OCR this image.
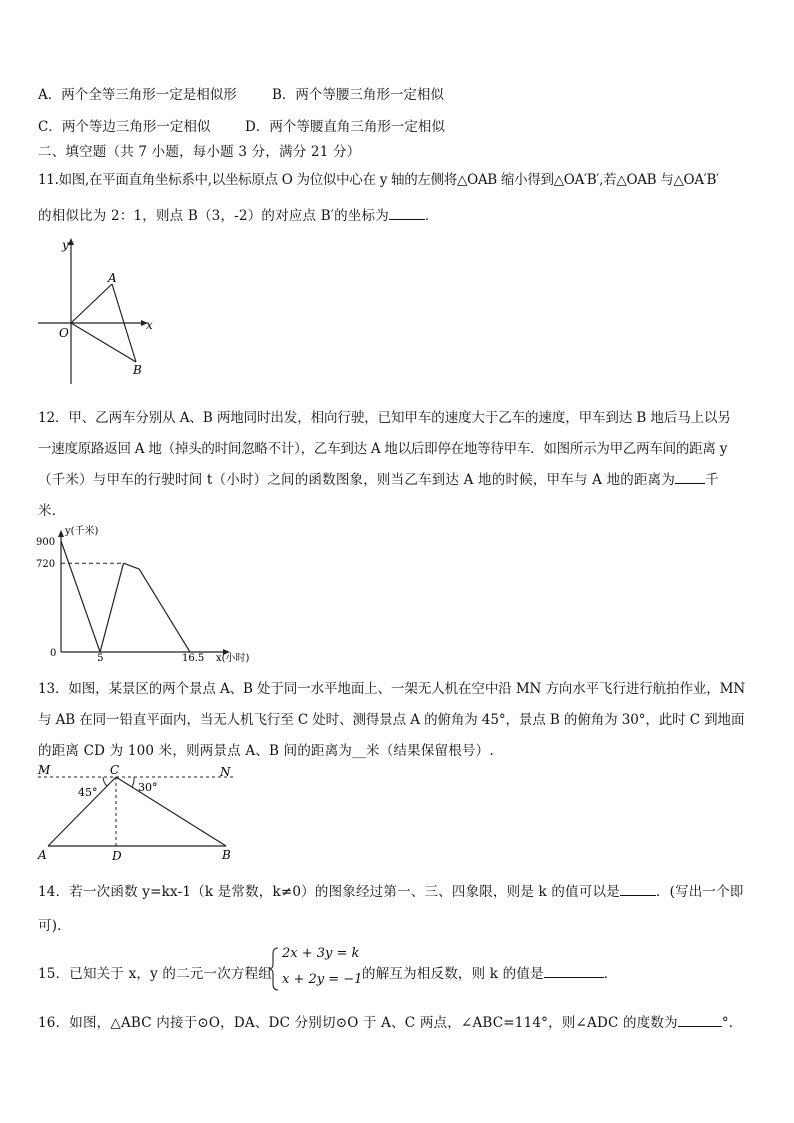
A．两个全等三角形一定是相似形	B．两个等腰三角形一定相似
C．两个等边三角形一定相似	D．两个等腰直角三角形一定相似
二、填空题（共 7 小题，每小题 3 分，满分 21 分）
11.如图,在平面直角坐标系中,以坐标原点 O 为位似中心在 y 轴的左侧将△OAB 缩小得到△OA′B′,若△OAB 与△OA′B′
的相似比为 2：1，则点 B（3，-2）的对应点 B′的坐标为	．
y
x
O
A
B
12．甲、乙两车分别从 A、B 两地同时出发，相向行驶，已知甲车的速度大于乙车的速度，甲车到达 B 地后马上以另
一速度原路返回 A 地（掉头的时间忽略不计），乙车到达 A 地以后即停在地等待甲车．如图所示为甲乙两车间的距离 y
（千米）与甲车的行驶时间 t（小时）之间的函数图象，则当乙车到达 A 地的时候，甲车与 A 地的距离为 千
米．
y(千米)
x(小时)
0
900
720
5	16.5
13．如图，某景区的两个景点 A、B 处于同一水平地面上、一架无人机在空中沿 MN 方向水平飞行进行航拍作业，MN
与 AB 在同一铅直平面内，当无人机飞行至 C 处时、测得景点 A 的俯角为 45°，景点 B 的俯角为 30°，此时 C 到地面
的距离 CD 为 100 米，则两景点 A、B 间的距离为__米（结果保留根号）.
M	C	N
A	D	B
45°	30°
14．若一次函数 y=kx-1（k 是常数，k≠0）的图象经过第一、三、四象限，则是 k 的值可以是	．(写出一个即
可)．
15．已知关于 x，y 的二元一次方程组
2x + 3y = k
x + 2y = −1 的解互为相反数，则 k 的值是	．
16．如图，△ABC 内接于⊙O，DA、DC 分别切⊙O 于 A、C 两点，∠ABC=114°，则∠ADC 的度数为	°．
